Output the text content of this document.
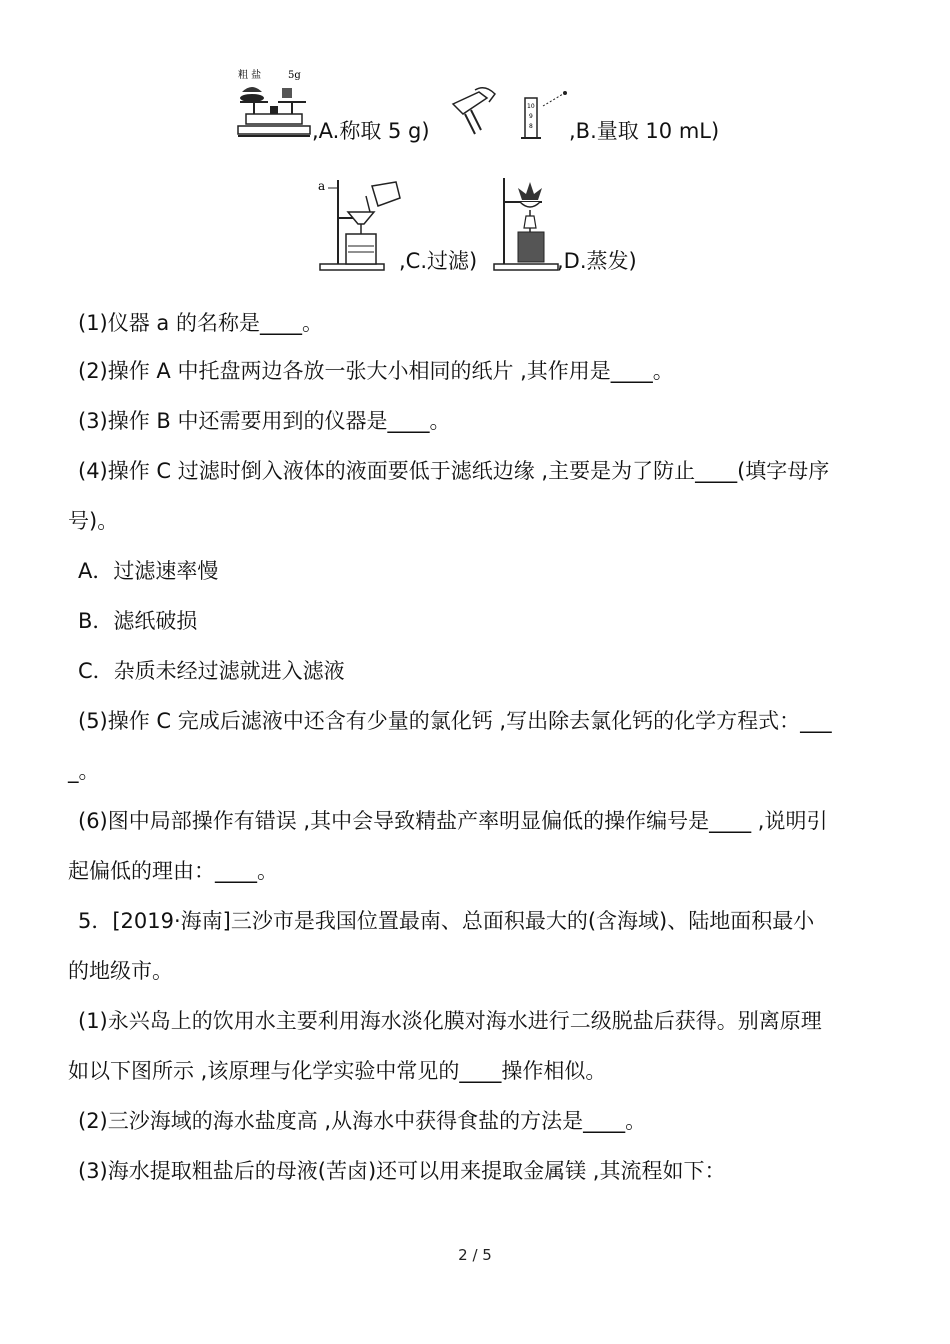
粗 盐	5g
,A.称取 5 g)
10
9
8 ,B.量取 10 mL)
a
,C.过滤)	,D.蒸发)
(1)仪器 a 的名称是____。
(2)操作 A 中托盘两边各放一张大小相同的纸片 ,其作用是____。
(3)操作 B 中还需要用到的仪器是____。
(4)操作 C 过滤时倒入液体的液面要低于滤纸边缘 ,主要是为了防止____(填字母序
号)。
A．过滤速率慢
B．滤纸破损
C．杂质未经过滤就进入滤液
(5)操作 C 完成后滤液中还含有少量的氯化钙 ,写出除去氯化钙的化学方程式：___
_。
(6)图中局部操作有错误 ,其中会导致精盐产率明显偏低的操作编号是____ ,说明引
起偏低的理由：____。
5．[2019·海南]三沙市是我国位置最南、总面积最大的(含海域)、陆地面积最小
的地级市。
(1)永兴岛上的饮用水主要利用海水淡化膜对海水进行二级脱盐后获得。别离原理
如以下图所示 ,该原理与化学实验中常见的____操作相似。
(2)三沙海域的海水盐度高 ,从海水中获得食盐的方法是____。
(3)海水提取粗盐后的母液(苦卤)还可以用来提取金属镁 ,其流程如下：
2 / 5
